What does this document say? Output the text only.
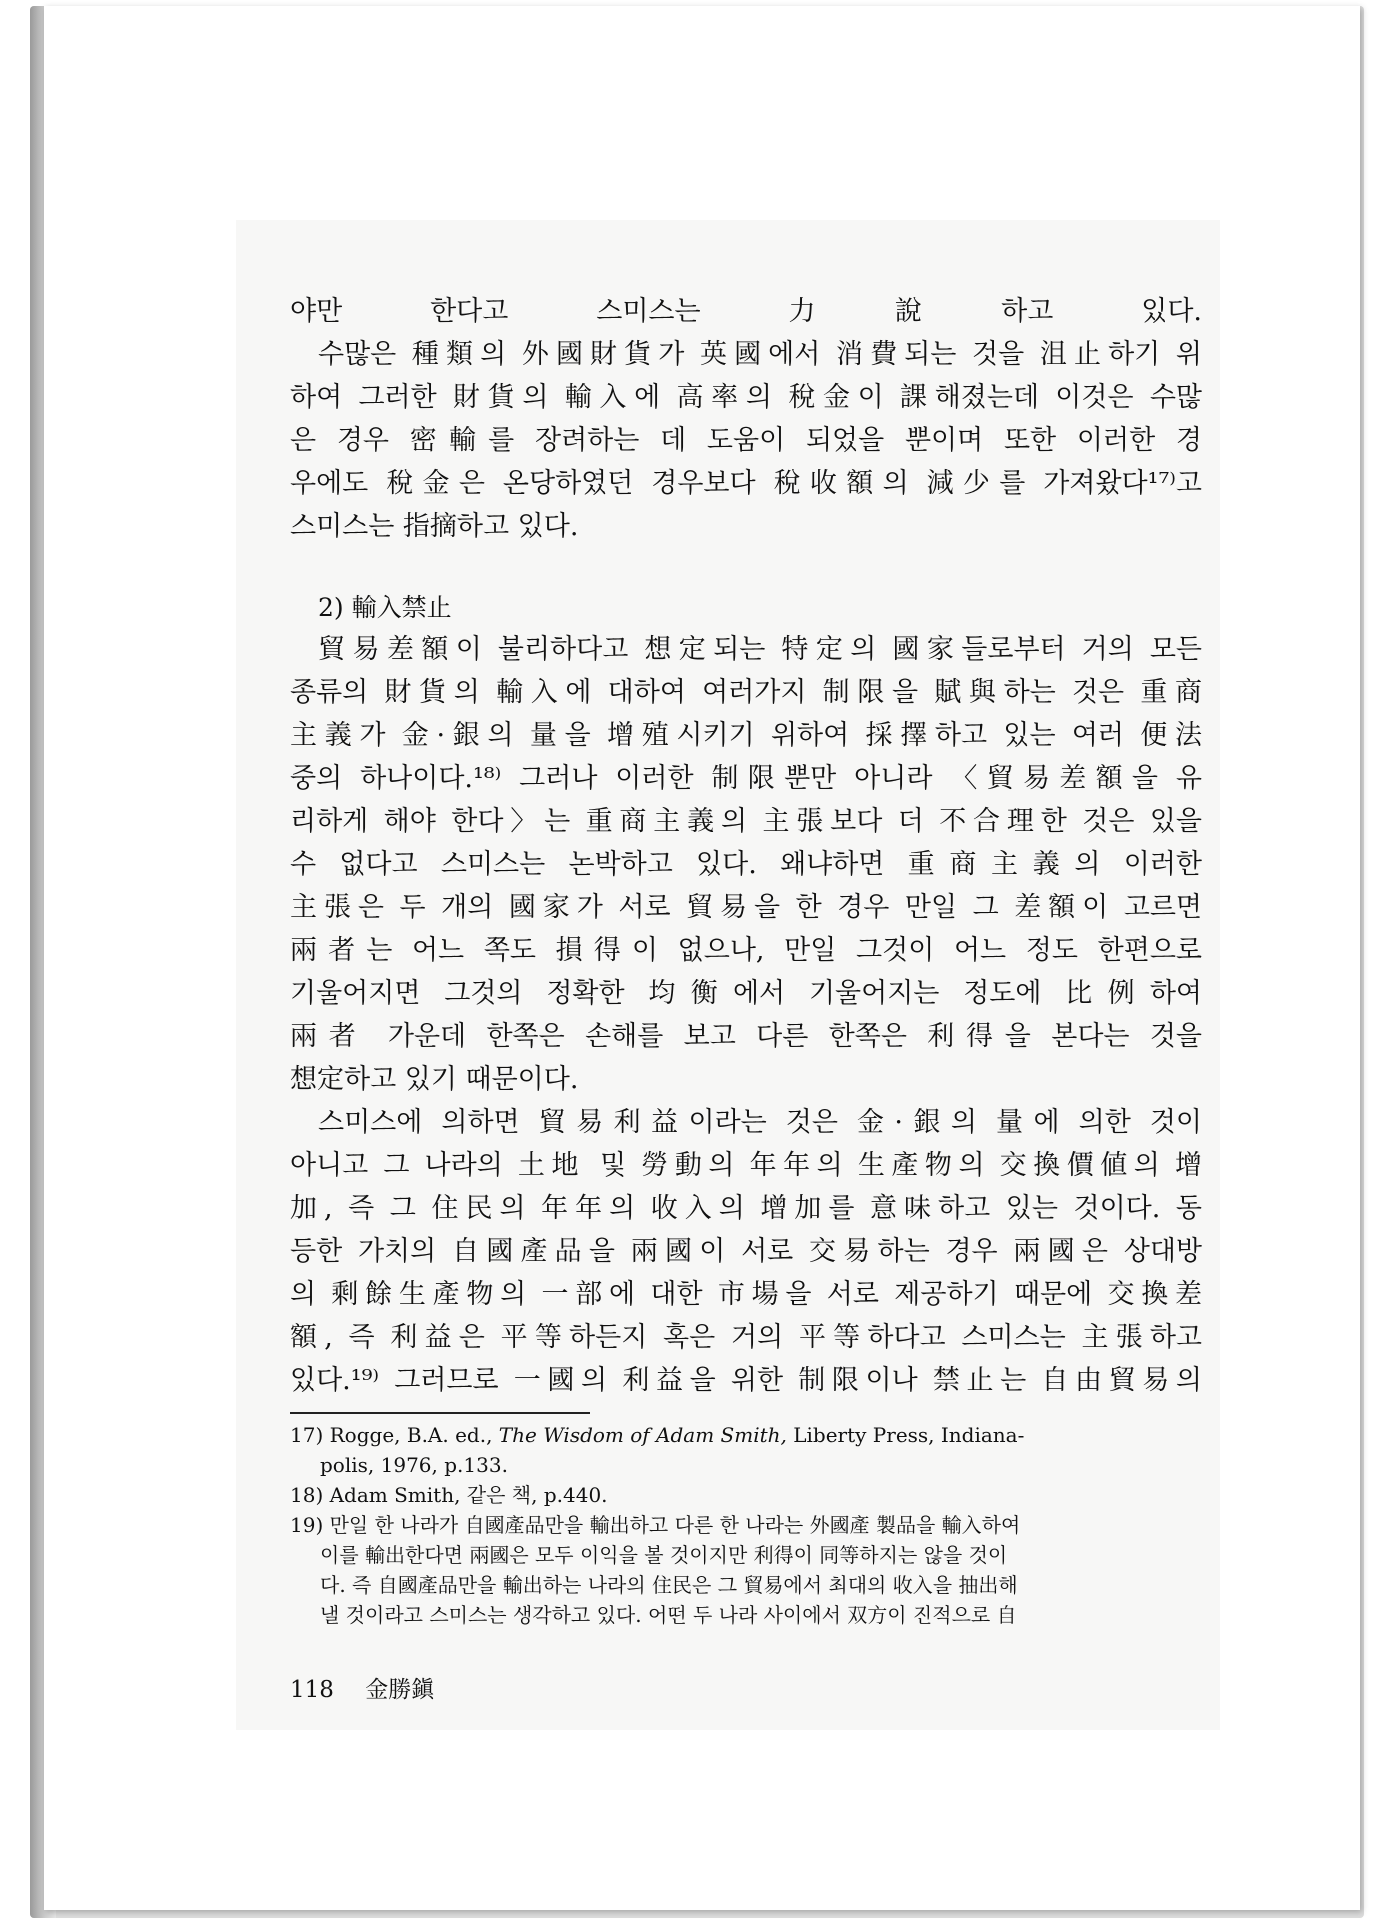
야만 한다고 스미스는 力說하고 있다.
수많은 種類의 外國財貨가 英國에서 消費되는 것을 沮止하기 위
하여 그러한 財貨의 輸入에 高率의 稅金이 課해졌는데 이것은 수많
은 경우 密輸를 장려하는 데 도움이 되었을 뿐이며 또한 이러한 경
우에도 稅金은 온당하였던 경우보다 稅收額의 減少를 가져왔다¹⁷⁾고
스미스는 指摘하고 있다.
2) 輸入禁止
貿易差額이 불리하다고 想定되는 特定의 國家들로부터 거의 모든
종류의 財貨의 輸入에 대하여 여러가지 制限을 賦與하는 것은 重商
主義가 金·銀의 量을 增殖시키기 위하여 採擇하고 있는 여러 便法
중의 하나이다.¹⁸⁾ 그러나 이러한 制限뿐만 아니라 〈貿易差額을 유
리하게 해야 한다〉는 重商主義의 主張보다 더 不合理한 것은 있을
수 없다고 스미스는 논박하고 있다. 왜냐하면 重商主義의 이러한
主張은 두 개의 國家가 서로 貿易을 한 경우 만일 그 差額이 고르면
兩者는 어느 쪽도 損得이 없으나, 만일 그것이 어느 정도 한편으로
기울어지면 그것의 정확한 均衡에서 기울어지는 정도에 比例하여
兩者 가운데 한쪽은 손해를 보고 다른 한쪽은 利得을 본다는 것을
想定하고 있기 때문이다.
스미스에 의하면 貿易利益이라는 것은 金·銀의 量에 의한 것이
아니고 그 나라의 土地 및 勞動의 年年의 生產物의 交換價値의 增
加, 즉 그 住民의 年年의 收入의 增加를 意味하고 있는 것이다. 동
등한 가치의 自國產品을 兩國이 서로 交易하는 경우 兩國은 상대방
의 剩餘生產物의 一部에 대한 市場을 서로 제공하기 때문에 交換差
額, 즉 利益은 平等하든지 혹은 거의 平等하다고 스미스는 主張하고
있다.¹⁹⁾ 그러므로 一國의 利益을 위한 制限이나 禁止는 自由貿易의
17) Rogge, B.A. ed., The Wisdom of Adam Smith, Liberty Press, Indiana-
polis, 1976, p.133.
18) Adam Smith, 같은 책, p.440.
19) 만일 한 나라가 自國產品만을 輸出하고 다른 한 나라는 外國產 製品을 輸入하여
이를 輸出한다면 兩國은 모두 이익을 볼 것이지만 利得이 同等하지는 않을 것이
다. 즉 自國產品만을 輸出하는 나라의 住民은 그 貿易에서 최대의 收入을 抽出해
낼 것이라고 스미스는 생각하고 있다. 어떤 두 나라 사이에서 双方이 진적으로 自
118 金勝鎭
